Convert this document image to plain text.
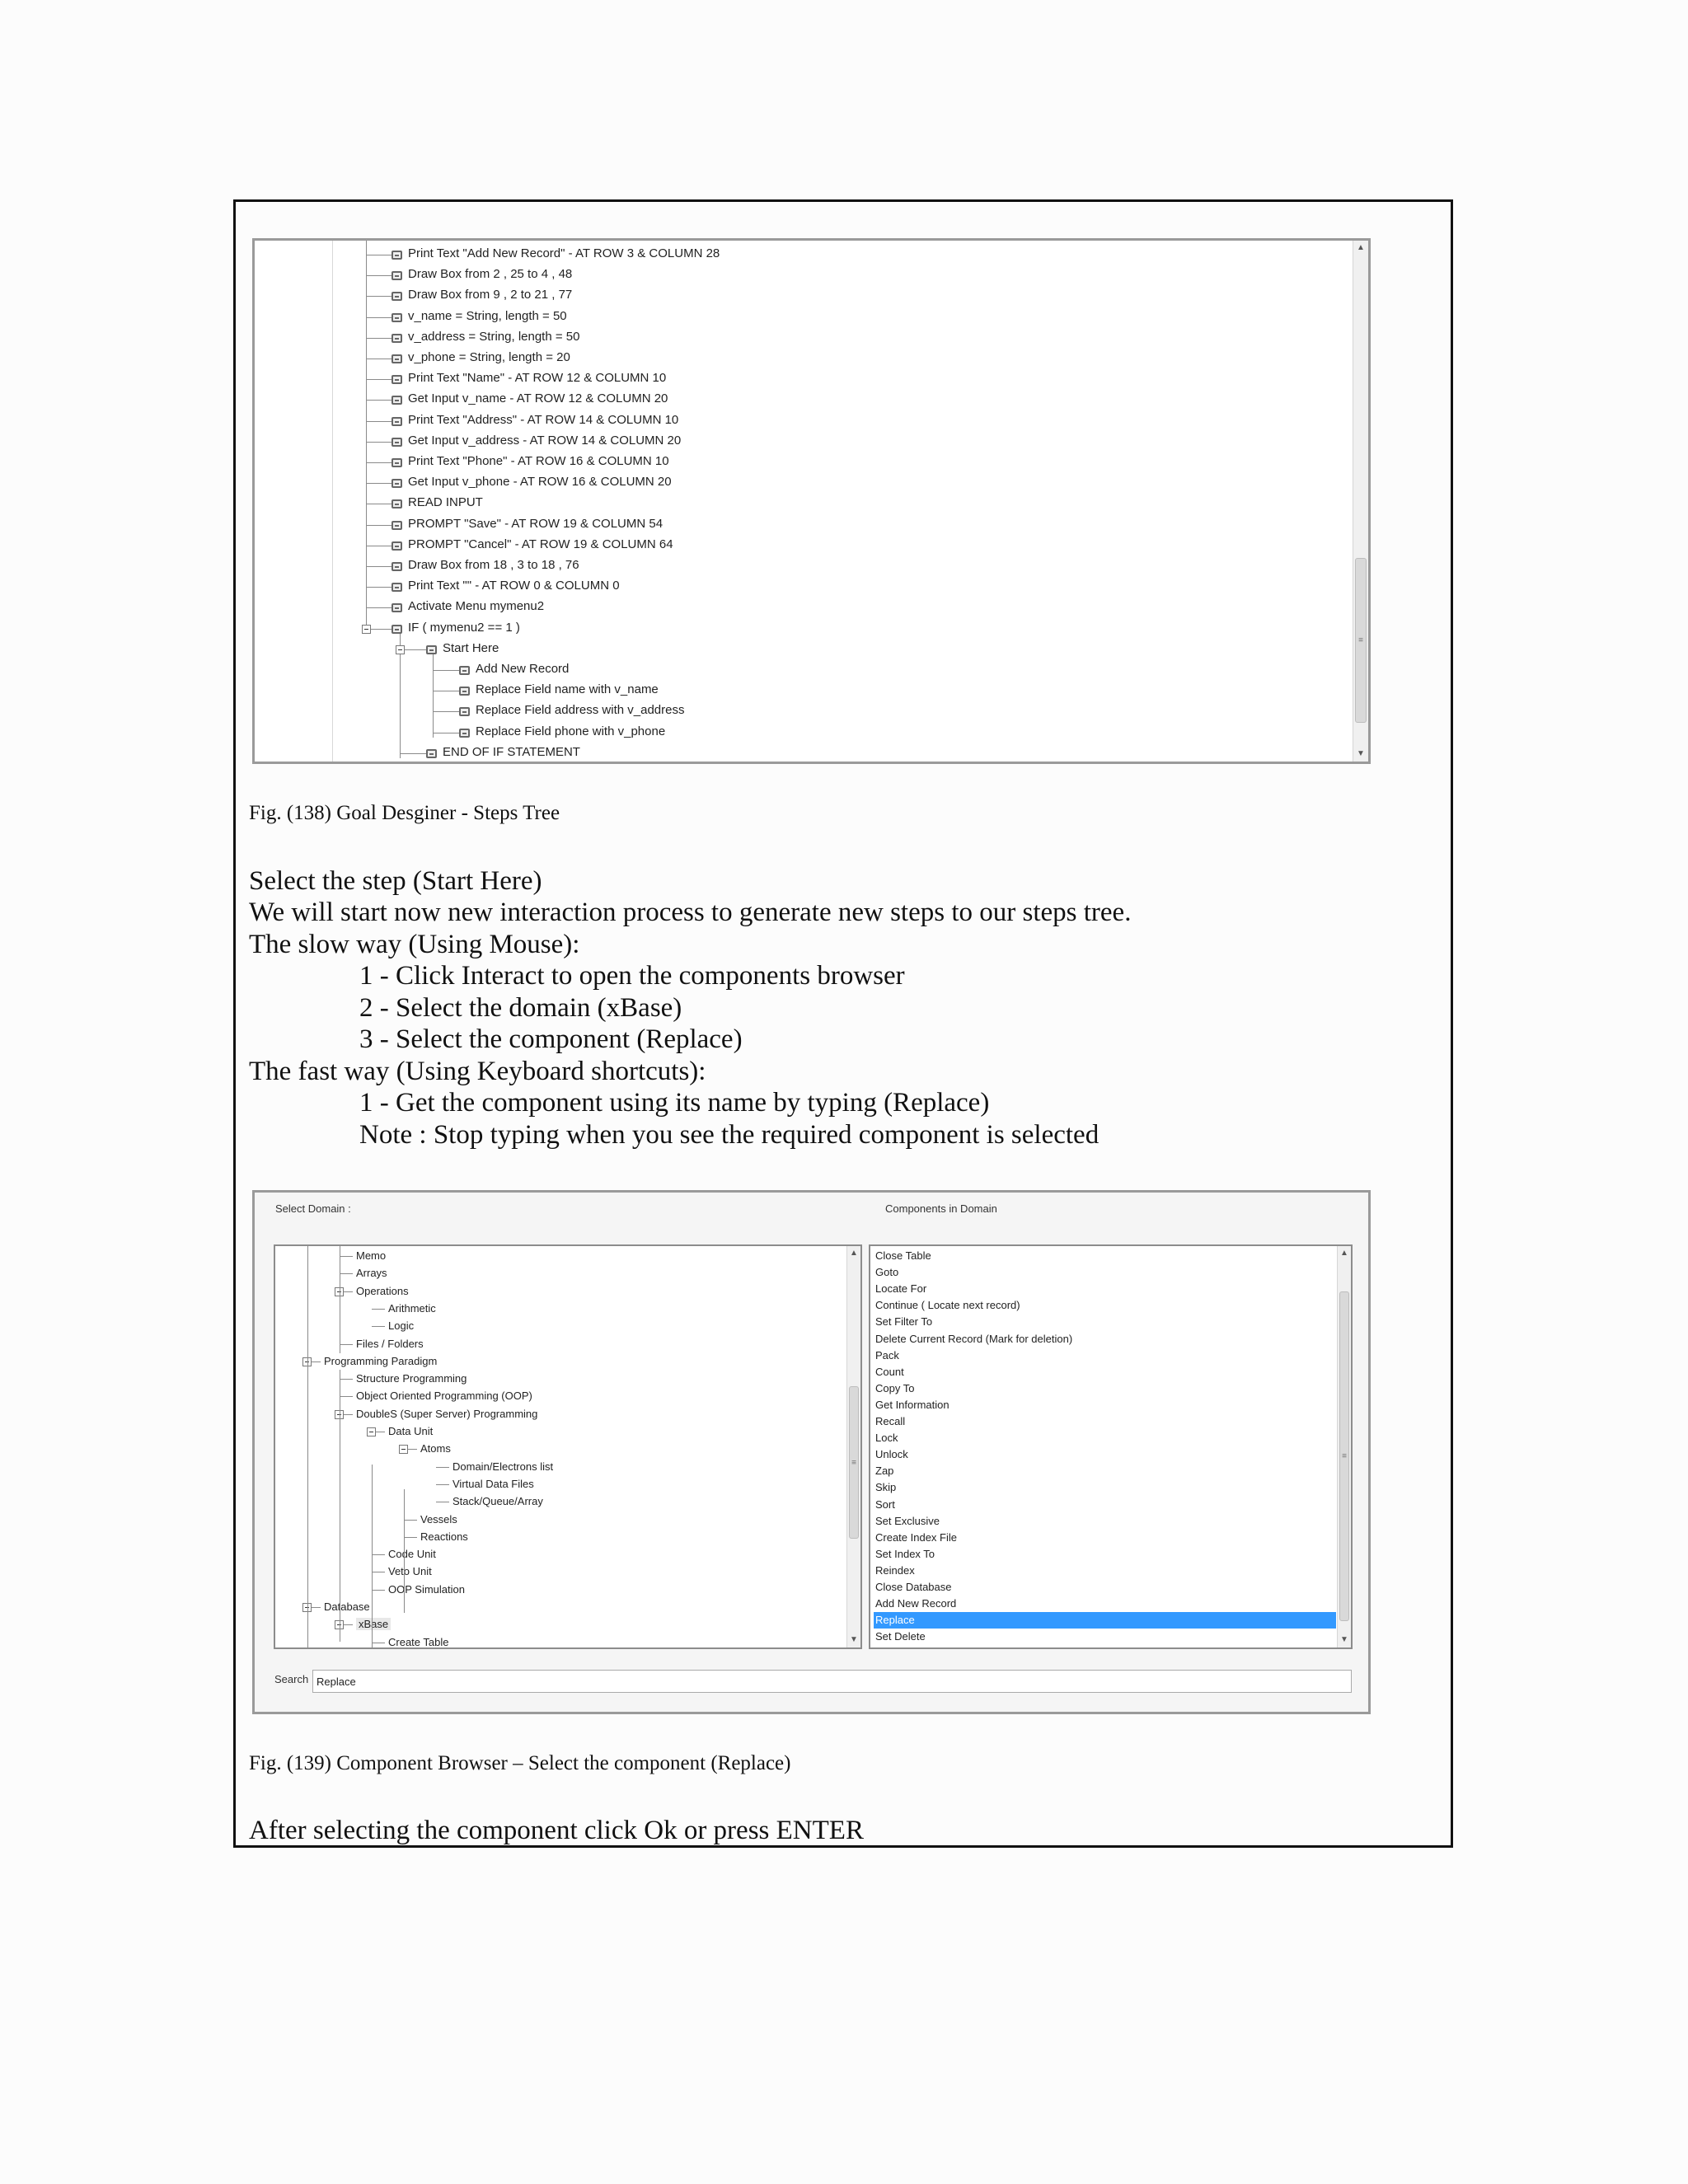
Print Text "Add New Record" - AT ROW 3 & COLUMN 28
Draw Box from 2 , 25 to 4 , 48
Draw Box from 9 , 2 to 21 , 77
v_name = String, length = 50
v_address = String, length = 50
v_phone = String, length = 20
Print Text "Name" - AT ROW 12 & COLUMN 10
Get Input v_name - AT ROW 12 & COLUMN 20
Print Text "Address" - AT ROW 14 & COLUMN 10
Get Input v_address - AT ROW 14 & COLUMN 20
Print Text "Phone" - AT ROW 16 & COLUMN 10
Get Input v_phone - AT ROW 16 & COLUMN 20
READ INPUT
PROMPT "Save" - AT ROW 19 & COLUMN 54
PROMPT "Cancel" - AT ROW 19 & COLUMN 64
Draw Box from 18 , 3 to 18 , 76
Print Text "" - AT ROW 0 & COLUMN 0
Activate Menu mymenu2
IF ( mymenu2 == 1 )
Start Here
Add New Record
Replace Field name with v_name
Replace Field address with v_address
Replace Field phone with v_phone
END OF IF STATEMENT
▲
≡
▼
Fig. (138) Goal Desginer - Steps Tree
Select the step (Start Here)
We will start now new interaction process to generate new steps to our steps tree.
The slow way (Using Mouse):
1 - Click Interact to open the components browser
2 - Select the domain (xBase)
3 - Select the component (Replace)
The fast way (Using Keyboard shortcuts):
1 - Get the component using its name by typing (Replace)
Note : Stop typing when you see the required component is selected
Select Domain :	Components in Domain
Memo
Arrays
Operations
Arithmetic
Logic
Files / Folders
Programming Paradigm
Structure Programming
Object Oriented Programming (OOP)
DoubleS (Super Server) Programming
Data Unit
Atoms
Domain/Electrons list
Virtual Data Files
Stack/Queue/Array
Vessels
Reactions
Code Unit
Veto Unit
OOP Simulation
Database
xBase
Create Table
▲
≡
▼
Close Table
Goto
Locate For
Continue ( Locate next record)
Set Filter To
Delete Current Record (Mark for deletion)
Pack
Count
Copy To
Get Information
Recall
Lock
Unlock
Zap
Skip
Sort
Set Exclusive
Create Index File
Set Index To
Reindex
Close Database
Add New Record
Replace
Set Delete
▲
≡
▼
Search
Replace
Fig. (139) Component Browser – Select the component (Replace)
After selecting the component click Ok or press ENTER
